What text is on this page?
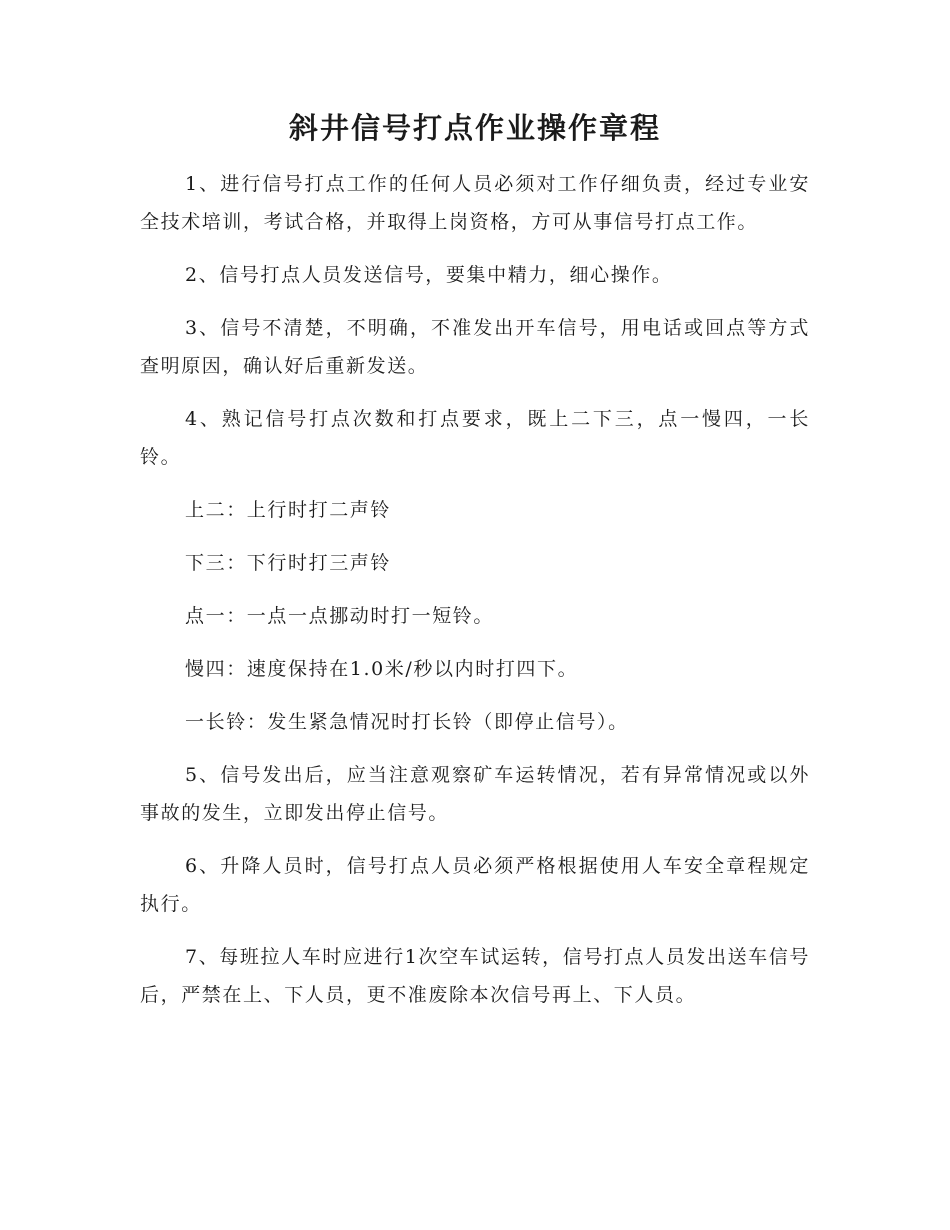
斜井信号打点作业操作章程

1、进行信号打点工作的任何人员必须对工作仔细负责，经过专业安全技术培训，考试合格，并取得上岗资格，方可从事信号打点工作。

2、信号打点人员发送信号，要集中精力，细心操作。

3、信号不清楚，不明确，不准发出开车信号，用电话或回点等方式查明原因，确认好后重新发送。

4、熟记信号打点次数和打点要求，既上二下三，点一慢四，一长铃。

上二：上行时打二声铃

下三：下行时打三声铃

点一：一点一点挪动时打一短铃。

慢四：速度保持在1.0米/秒以内时打四下。

一长铃：发生紧急情况时打长铃（即停止信号）。

5、信号发出后，应当注意观察矿车运转情况，若有异常情况或以外事故的发生，立即发出停止信号。

6、升降人员时，信号打点人员必须严格根据使用人车安全章程规定执行。

7、每班拉人车时应进行1次空车试运转，信号打点人员发出送车信号后，严禁在上、下人员，更不准废除本次信号再上、下人员。
